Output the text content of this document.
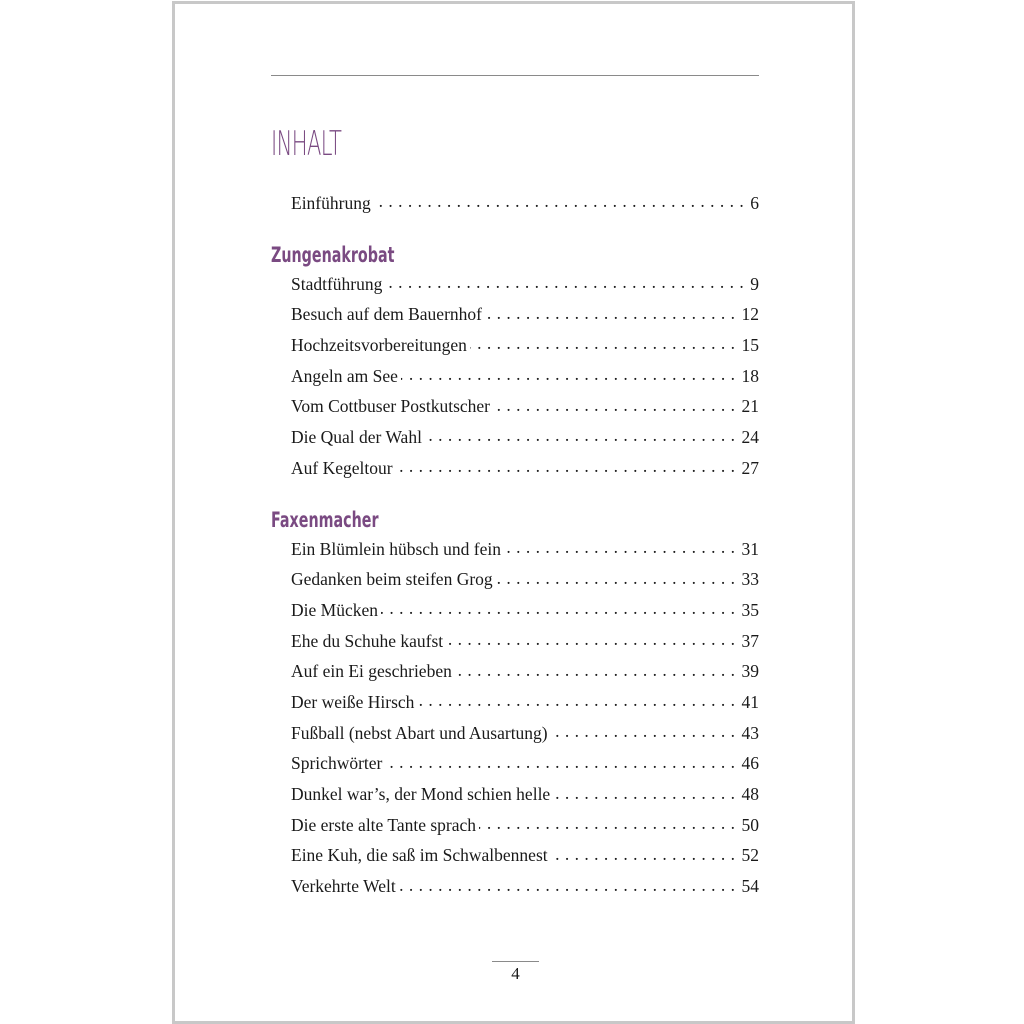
INHALT
Einführung . . .	6
Zungenakrobat
Stadtführung . . .	9
Besuch auf dem Bauernhof . . .	12
Hochzeitsvorbereitungen . . .	15
Angeln am See . . .	18
Vom Cottbuser Postkutscher . . .	21
Die Qual der Wahl . . .	24
Auf Kegeltour . . .	27
Faxenmacher
Ein Blümlein hübsch und fein . . .	31
Gedanken beim steifen Grog . . .	33
Die Mücken . . .	35
Ehe du Schuhe kaufst . . .	37
Auf ein Ei geschrieben . . .	39
Der weiße Hirsch . . .	41
Fußball (nebst Abart und Ausartung) . . .	43
Sprichwörter . . .	46
Dunkel war’s, der Mond schien helle . . .	48
Die erste alte Tante sprach . . .	50
Eine Kuh, die saß im Schwalbennest . . .	52
Verkehrte Welt . . .	54
4
